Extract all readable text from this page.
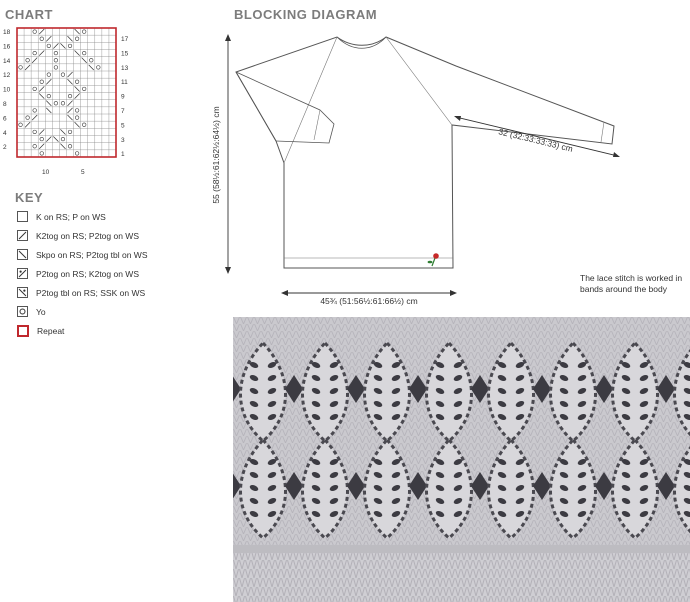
CHART
18
16
14
12
10
8
6
4
2
17
15
13
11
9
7
5
3
1
10	5
KEY
K on RS; P on WS
K2tog on RS; P2tog on WS
Skpo on RS; P2tog tbl on WS
P2tog on RS; K2tog on WS
P2tog tbl on RS; SSK on WS
Yo
Repeat
BLOCKING DIAGRAM
55 (58½:61:62½:64½) cm
45¾ (51:56½:61:66½) cm
32 (32:33:33:33) cm
The lace stitch is worked in bands around the body
